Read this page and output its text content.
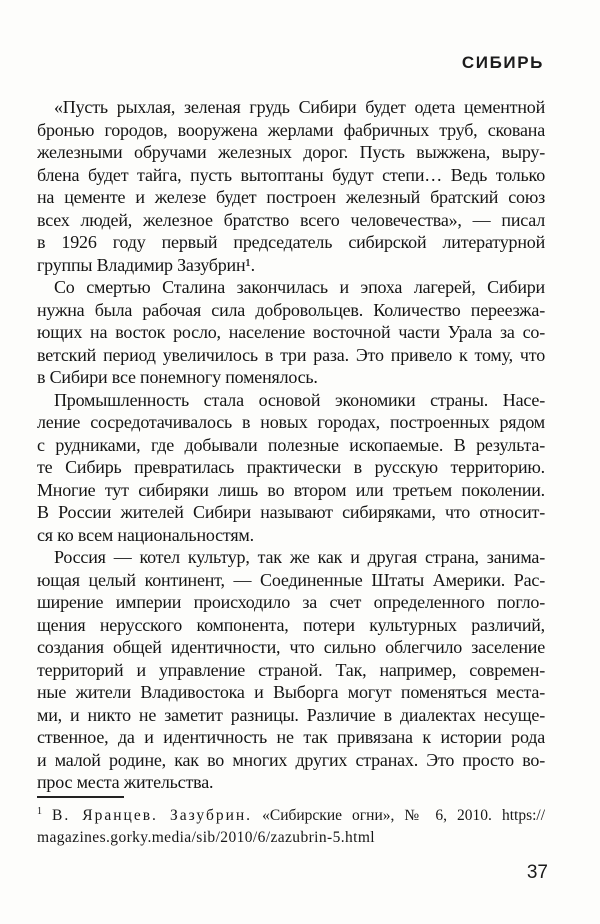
СИБИРЬ
«Пусть рыхлая, зеленая грудь Сибири будет одета цементной
бронью городов, вооружена жерлами фабричных труб, скована
железными обручами железных дорог. Пусть выжжена, выру-
блена будет тайга, пусть вытоптаны будут степи… Ведь только
на цементе и железе будет построен железный братский союз
всех людей, железное братство всего человечества», — писал
в 1926 году первый председатель сибирской литературной
группы Владимир Зазубрин¹.
Со смертью Сталина закончилась и эпоха лагерей, Сибири
нужна была рабочая сила добровольцев. Количество переезжа-
ющих на восток росло, население восточной части Урала за со-
ветский период увеличилось в три раза. Это привело к тому, что
в Сибири все понемногу поменялось.
Промышленность стала основой экономики страны. Насе-
ление сосредотачивалось в новых городах, построенных рядом
с рудниками, где добывали полезные ископаемые. В результа-
те Сибирь превратилась практически в русскую территорию.
Многие тут сибиряки лишь во втором или третьем поколении.
В России жителей Сибири называют сибиряками, что относит-
ся ко всем национальностям.
Россия — котел культур, так же как и другая страна, занима-
ющая целый континент, — Соединенные Штаты Америки. Рас-
ширение империи происходило за счет определенного погло-
щения нерусского компонента, потери культурных различий,
создания общей идентичности, что сильно облегчило заселение
территорий и управление страной. Так, например, современ-
ные жители Владивостока и Выборга могут поменяться места-
ми, и никто не заметит разницы. Различие в диалектах несуще-
ственное, да и идентичность не так привязана к истории рода
и малой родине, как во многих других странах. Это просто во-
прос места жительства.
$^1$ В. Яранцев. Зазубрин. «Сибирские огни», № 6, 2010. https://
magazines.gorky.media/sib/2010/6/zazubrin-5.html
37
